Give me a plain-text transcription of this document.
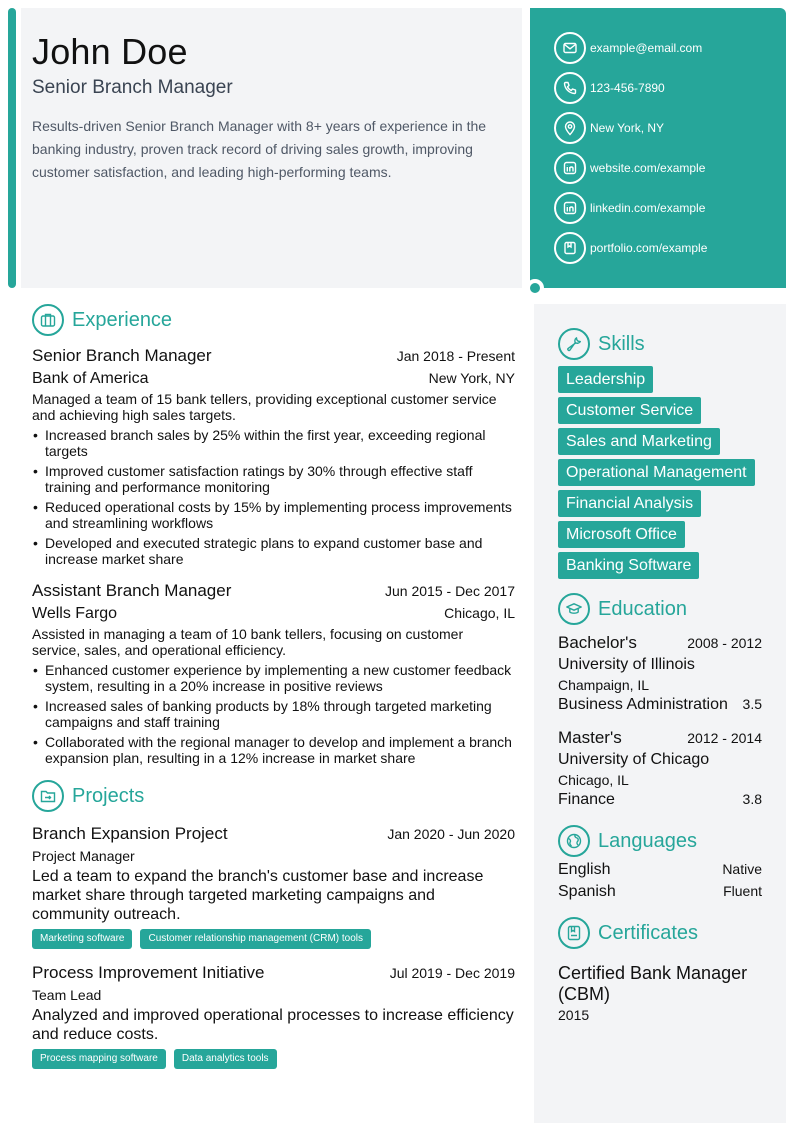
John Doe
Senior Branch Manager
Results-driven Senior Branch Manager with 8+ years of experience in the banking industry, proven track record of driving sales growth, improving customer satisfaction, and leading high-performing teams.
example@email.com
123-456-7890
New York, NY
website.com/example
linkedin.com/example
portfolio.com/example
Experience
Senior Branch Manager	Jan 2018 - Present
Bank of America	New York, NY
Managed a team of 15 bank tellers, providing exceptional customer service and achieving high sales targets.
• Increased branch sales by 25% within the first year, exceeding regional targets
• Improved customer satisfaction ratings by 30% through effective staff training and performance monitoring
• Reduced operational costs by 15% by implementing process improvements and streamlining workflows
• Developed and executed strategic plans to expand customer base and increase market share
Assistant Branch Manager	Jun 2015 - Dec 2017
Wells Fargo	Chicago, IL
Assisted in managing a team of 10 bank tellers, focusing on customer service, sales, and operational efficiency.
• Enhanced customer experience by implementing a new customer feedback system, resulting in a 20% increase in positive reviews
• Increased sales of banking products by 18% through targeted marketing campaigns and staff training
• Collaborated with the regional manager to develop and implement a branch expansion plan, resulting in a 12% increase in market share
Projects
Branch Expansion Project	Jan 2020 - Jun 2020
Project Manager
Led a team to expand the branch's customer base and increase market share through targeted marketing campaigns and community outreach.
Marketing software	Customer relationship management (CRM) tools
Process Improvement Initiative	Jul 2019 - Dec 2019
Team Lead
Analyzed and improved operational processes to increase efficiency and reduce costs.
Process mapping software	Data analytics tools
Skills
Leadership
Customer Service
Sales and Marketing
Operational Management
Financial Analysis
Microsoft Office
Banking Software
Education
Bachelor's	2008 - 2012
University of Illinois
Champaign, IL
Business Administration 3.5
Master's	2012 - 2014
University of Chicago
Chicago, IL
Finance	3.8
Languages
English	Native
Spanish	Fluent
Certificates
Certified Bank Manager (CBM)
2015
